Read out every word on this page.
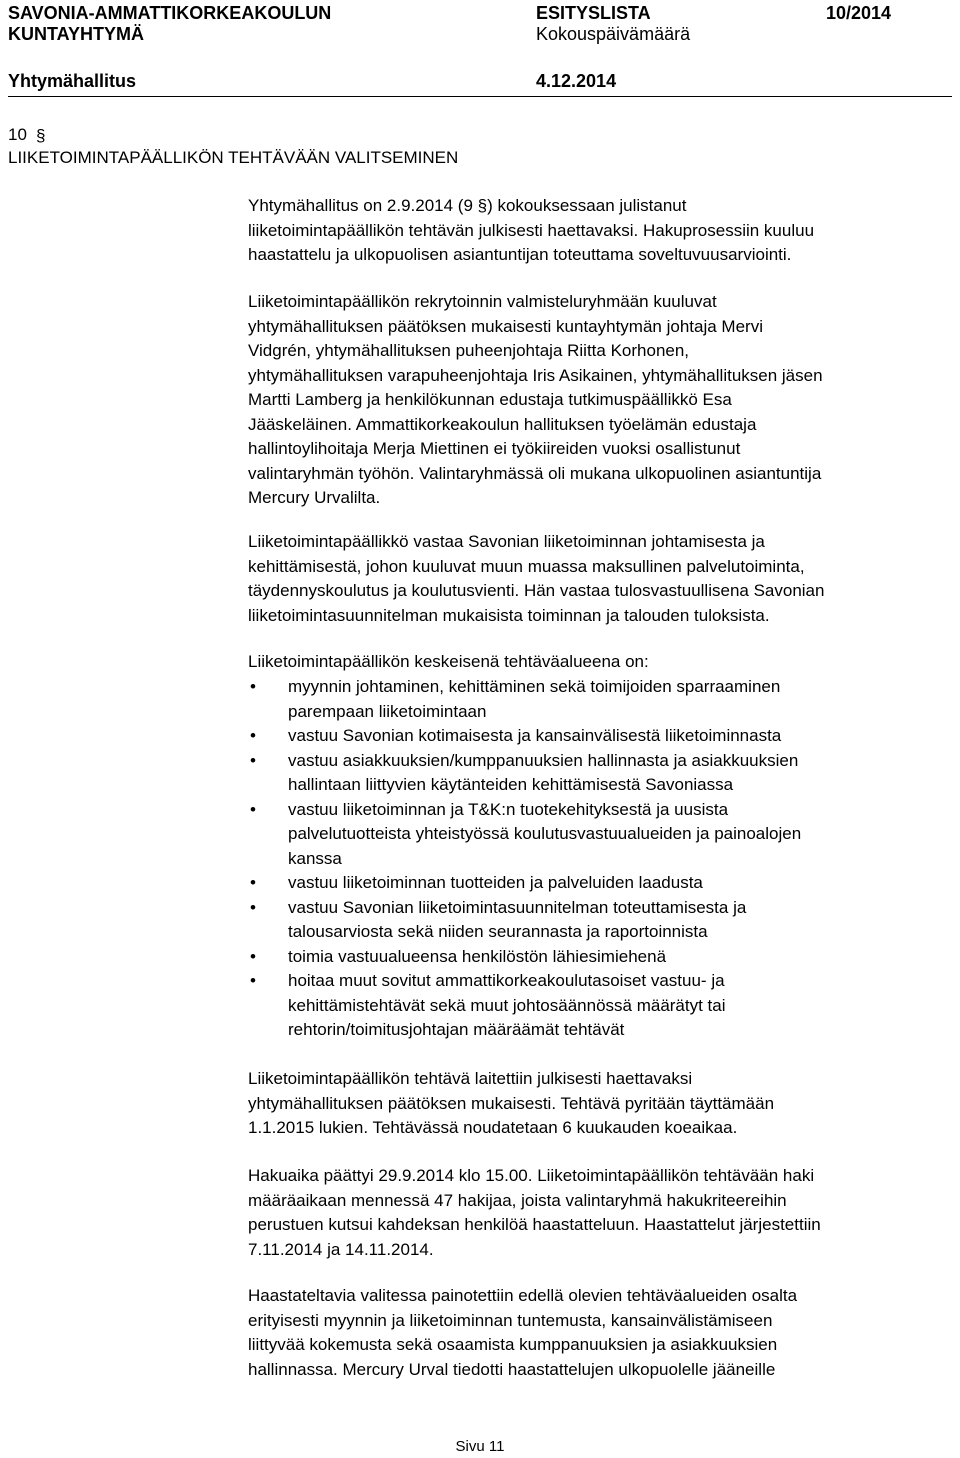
SAVONIA-AMMATTIKORKEAKOULUN
KUNTAYHTYMÄ
ESITYSLISTA
Kokouspäivämäärä
10/2014
Yhtymähallitus	4.12.2014
10 §
LIIKETOIMINTAPÄÄLLIKÖN TEHTÄVÄÄN VALITSEMINEN
Yhtymähallitus on 2.9.2014 (9 §) kokouksessaan julistanut
liiketoimintapäällikön tehtävän julkisesti haettavaksi. Hakuprosessiin kuuluu
haastattelu ja ulkopuolisen asiantuntijan toteuttama soveltuvuusarviointi.
Liiketoimintapäällikön rekrytoinnin valmisteluryhmään kuuluvat
yhtymähallituksen päätöksen mukaisesti kuntayhtymän johtaja Mervi
Vidgrén, yhtymähallituksen puheenjohtaja Riitta Korhonen,
yhtymähallituksen varapuheenjohtaja Iris Asikainen, yhtymähallituksen jäsen
Martti Lamberg ja henkilökunnan edustaja tutkimuspäällikkö Esa
Jääskeläinen. Ammattikorkeakoulun hallituksen työelämän edustaja
hallintoylihoitaja Merja Miettinen ei työkiireiden vuoksi osallistunut
valintaryhmän työhön. Valintaryhmässä oli mukana ulkopuolinen asiantuntija
Mercury Urvalilta.
Liiketoimintapäällikkö vastaa Savonian liiketoiminnan johtamisesta ja
kehittämisestä, johon kuuluvat muun muassa maksullinen palvelutoiminta,
täydennyskoulutus ja koulutusvienti. Hän vastaa tulosvastuullisena Savonian
liiketoimintasuunnitelman mukaisista toiminnan ja talouden tuloksista.
Liiketoimintapäällikön keskeisenä tehtäväalueena on:
• myynnin johtaminen, kehittäminen sekä toimijoiden sparraaminen
parempaan liiketoimintaan
• vastuu Savonian kotimaisesta ja kansainvälisestä liiketoiminnasta
• vastuu asiakkuuksien/kumppanuuksien hallinnasta ja asiakkuuksien
hallintaan liittyvien käytänteiden kehittämisestä Savoniassa
• vastuu liiketoiminnan ja T&K:n tuotekehityksestä ja uusista
palvelutuotteista yhteistyössä koulutusvastuualueiden ja painoalojen
kanssa
• vastuu liiketoiminnan tuotteiden ja palveluiden laadusta
• vastuu Savonian liiketoimintasuunnitelman toteuttamisesta ja
talousarviosta sekä niiden seurannasta ja raportoinnista
• toimia vastuualueensa henkilöstön lähiesimiehenä
• hoitaa muut sovitut ammattikorkeakoulutasoiset vastuu- ja
kehittämistehtävät sekä muut johtosäännössä määrätyt tai
rehtorin/toimitusjohtajan määräämät tehtävät
Liiketoimintapäällikön tehtävä laitettiin julkisesti haettavaksi
yhtymähallituksen päätöksen mukaisesti. Tehtävä pyritään täyttämään
1.1.2015 lukien. Tehtävässä noudatetaan 6 kuukauden koeaikaa.
Hakuaika päättyi 29.9.2014 klo 15.00. Liiketoimintapäällikön tehtävään haki
määräaikaan mennessä 47 hakijaa, joista valintaryhmä hakukriteereihin
perustuen kutsui kahdeksan henkilöä haastatteluun. Haastattelut järjestettiin
7.11.2014 ja 14.11.2014.
Haastateltavia valitessa painotettiin edellä olevien tehtäväalueiden osalta
erityisesti myynnin ja liiketoiminnan tuntemusta, kansainvälistämiseen
liittyvää kokemusta sekä osaamista kumppanuuksien ja asiakkuuksien
hallinnassa. Mercury Urval tiedotti haastattelujen ulkopuolelle jääneille
Sivu 11
